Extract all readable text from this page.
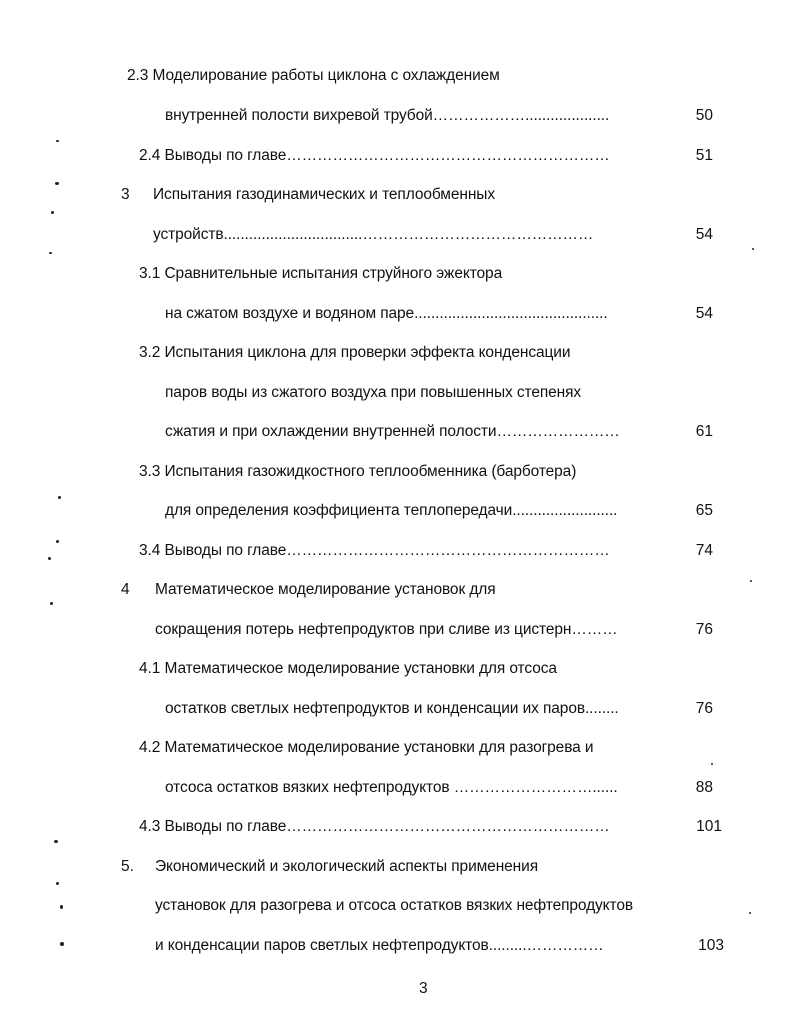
2.3 Моделирование работы циклона с охлаждением
внутренней полости вихревой трубой………………....................	50
2.4 Выводы по главе………………………………………………………	51
3 Испытания газодинамических и теплообменных
устройств.................................………………………………………	54
3.1 Сравнительные испытания струйного эжектора
на сжатом воздухе и водяном паре..............................................	54
3.2 Испытания циклона для проверки эффекта конденсации
паров воды из сжатого воздуха при повышенных степенях
сжатия и при охлаждении внутренней полости……………………	61
3.3 Испытания газожидкостного теплообменника (барботера)
для определения коэффициента теплопередачи.........................	65
3.4 Выводы по главе………………………………………………………	74
4 Математическое моделирование установок для
сокращения потерь нефтепродуктов при сливе из цистерн………	76
4.1 Математическое моделирование установки для отсоса
остатков светлых нефтепродуктов и конденсации их паров........	76
4.2 Математическое моделирование установки для разогрева и
отсоса остатков вязких нефтепродуктов ………………………......	88
4.3 Выводы по главе………………………………………………………	101
5. Экономический и экологический аспекты применения
установок для разогрева и отсоса остатков вязких нефтепродуктов
и конденсации паров светлых нефтепродуктов.........……………	103
3
